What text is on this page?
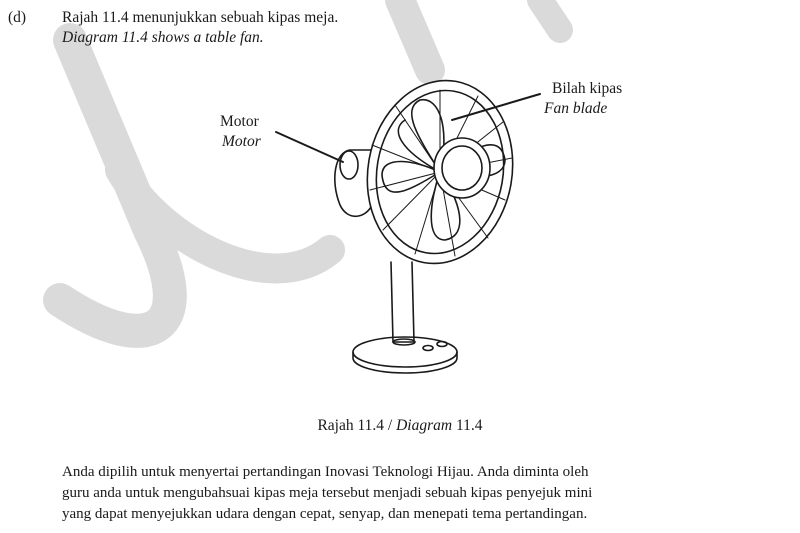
(d) Rajah 11.4 menunjukkan sebuah kipas meja.
Diagram 11.4 shows a table fan.
Bilah kipas
Fan blade
Motor
Motor
Rajah 11.4 / Diagram 11.4
Anda dipilih untuk menyertai pertandingan Inovasi Teknologi Hijau. Anda diminta oleh
guru anda untuk mengubahsuai kipas meja tersebut menjadi sebuah kipas penyejuk mini
yang dapat menyejukkan udara dengan cepat, senyap, dan menepati tema pertandingan.
